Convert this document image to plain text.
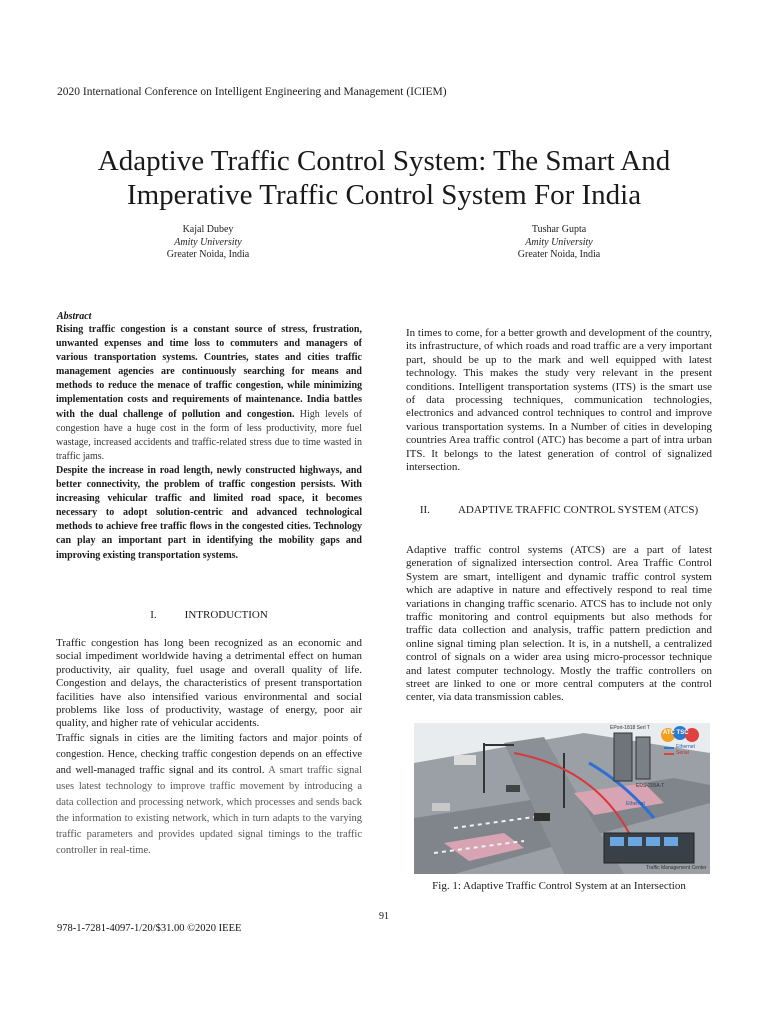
2020 International Conference on Intelligent Engineering and Management (ICIEM)
Adaptive Traffic Control System: The Smart And
Imperative Traffic Control System For India
Kajal Dubey
Amity University
Greater Noida, India
Tushar Gupta
Amity University
Greater Noida, India
Abstract

Rising traffic congestion is a constant source of stress, frustration, unwanted expenses and time loss to commuters and managers of various transportation systems. Countries, states and cities traffic management agencies are continuously searching for means and methods to reduce the menace of traffic congestion, while minimizing implementation costs and requirements of maintenance. India battles with the dual challenge of pollution and congestion. High levels of congestion have a huge cost in the form of less productivity, more fuel wastage, increased accidents and traffic-related stress due to time wasted in traffic jams.

Despite the increase in road length, newly constructed highways, and better connectivity, the problem of traffic congestion persists. With increasing vehicular traffic and limited road space, it becomes necessary to adopt solution-centric and advanced technological methods to achieve free traffic flows in the congested cities. Technology can play an important part in identifying the mobility gaps and improving existing transportation systems.

I.	INTRODUCTION

Traffic congestion has long been recognized as an economic and social impediment worldwide having a detrimental effect on human productivity, air quality, fuel usage and overall quality of life. Congestion and delays, the characteristics of present transportation facilities have also intensified various environmental and social problems like loss of productivity, wastage of energy, poor air quality, and higher rate of vehicular accidents.

Traffic signals in cities are the limiting factors and major points of congestion. Hence, checking traffic congestion depends on an effective and well-managed traffic signal and its control. A smart traffic signal uses latest technology to improve traffic movement by introducing a data collection and processing network, which processes and sends back the information to existing network, which in turn adapts to the varying traffic parameters and provides updated signal timings to the traffic controller in real-time.

In times to come, for a better growth and development of the country, its infrastructure, of which roads and road traffic are a very important part, should be up to the mark and well equipped with latest technology. This makes the study very relevant in the present conditions. Intelligent transportation systems (ITS) is the smart use of data processing techniques, communication technologies, electronics and advanced control techniques to control and improve various transportation systems. In a Number of cities in developing countries Area traffic control (ATC) has become a part of intra urban ITS. It belongs to the latest generation of control of signalized intersection.

II.	ADAPTIVE TRAFFIC CONTROL SYSTEM (ATCS)

Adaptive traffic control systems (ATCS) are a part of latest generation of signalized intersection control. Area Traffic Control System are smart, intelligent and dynamic traffic control system which are adaptive in nature and effectively respond to real time variations in changing traffic scenario. ATCS has to include not only traffic monitoring and control equipments but also methods for traffic data collection and analysis, traffic pattern prediction and online signal timing plan selection. It is, in a nutshell, a centralized control of signals on a wider area using micro-processor technique and latest computer technology. Mostly the traffic controllers on street are linked to one or more central computers at the control center, via data transmission cables.

Ethernet
Serial
EPort-1818 Serl T
EDS-205A-T
Ethernet
Traffic Management Center
ATC TSC
Fig. 1: Adaptive Traffic Control System at an Intersection
91
978-1-7281-4097-1/20/$31.00 ©2020 IEEE
